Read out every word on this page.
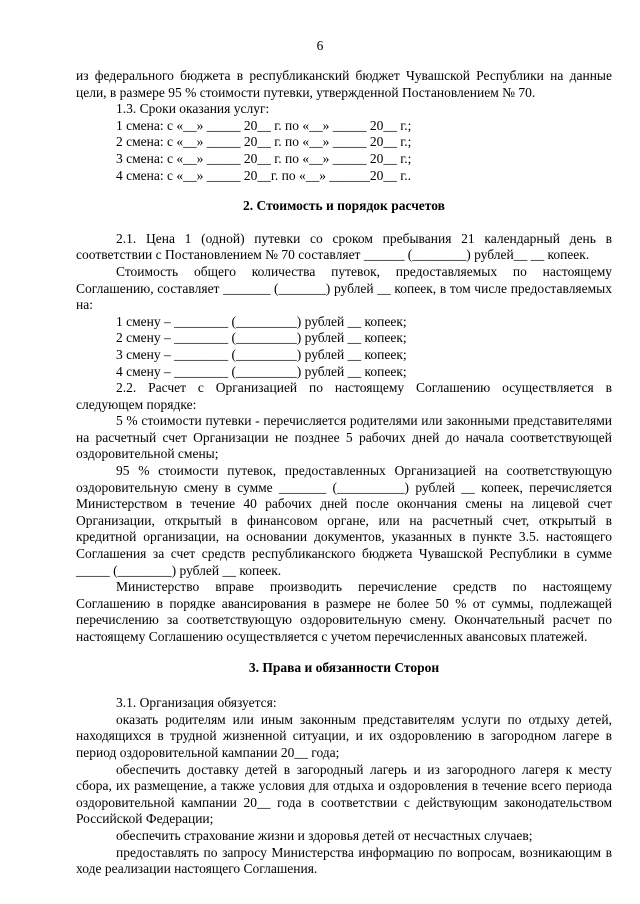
6

из федерального бюджета в республиканский бюджет Чувашской Республики на данные цели, в размере 95 % стоимости путевки, утвержденной Постановлением № 70.

1.3. Сроки оказания услуг:

1 смена: с «__» _____ 20__ г. по «__» _____ 20__ г.;

2 смена: с «__» _____ 20__ г. по «__» _____ 20__ г.;

3 смена: с «__» _____ 20__ г. по «__» _____ 20__ г.;

4 смена: с «__» _____ 20__г. по «__» ______20__ г..

2. Стоимость и порядок расчетов

2.1. Цена 1 (одной) путевки со сроком пребывания 21 календарный день в соответствии с Постановлением № 70 составляет ______ (________) рублей__ __ копеек.

Стоимость общего количества путевок, предоставляемых по настоящему Соглашению, составляет _______ (_______) рублей __ копеек, в том числе предоставляемых на:

1 смену – ________ (_________) рублей __ копеек;

2 смену – ________ (_________) рублей __ копеек;

3 смену – ________ (_________) рублей __ копеек;

4 смену – ________ (_________) рублей __ копеек;

2.2. Расчет с Организацией по настоящему Соглашению осуществляется в следующем порядке:

5 % стоимости путевки - перечисляется родителями или законными представителями на расчетный счет Организации не позднее 5 рабочих дней до начала соответствующей оздоровительной смены;

95 % стоимости путевок, предоставленных Организацией на соответствующую оздоровительную смену в сумме _______ (__________) рублей __ копеек, перечисляется Министерством в течение 40 рабочих дней после окончания смены на лицевой счет Организации, открытый в финансовом органе, или на расчетный счет, открытый в кредитной организации, на основании документов, указанных в пункте 3.5. настоящего Соглашения за счет средств республиканского бюджета Чувашской Республики в сумме _____ (________) рублей __ копеек.

Министерство вправе производить перечисление средств по настоящему Соглашению в порядке авансирования в размере не более 50 % от суммы, подлежащей перечислению за соответствующую оздоровительную смену. Окончательный расчет по настоящему Соглашению осуществляется с учетом перечисленных авансовых платежей.

3. Права и обязанности Сторон

3.1. Организация обязуется:

оказать родителям или иным законным представителям услуги по отдыху детей, находящихся в трудной жизненной ситуации, и их оздоровлению в загородном лагере в период оздоровительной кампании 20__ года;

обеспечить доставку детей в загородный лагерь и из загородного лагеря к месту сбора, их размещение, а также условия для отдыха и оздоровления в течение всего периода оздоровительной кампании 20__ года в соответствии с действующим законодательством Российской Федерации;

обеспечить страхование жизни и здоровья детей от несчастных случаев;

предоставлять по запросу Министерства информацию по вопросам, возникающим в ходе реализации настоящего Соглашения.
